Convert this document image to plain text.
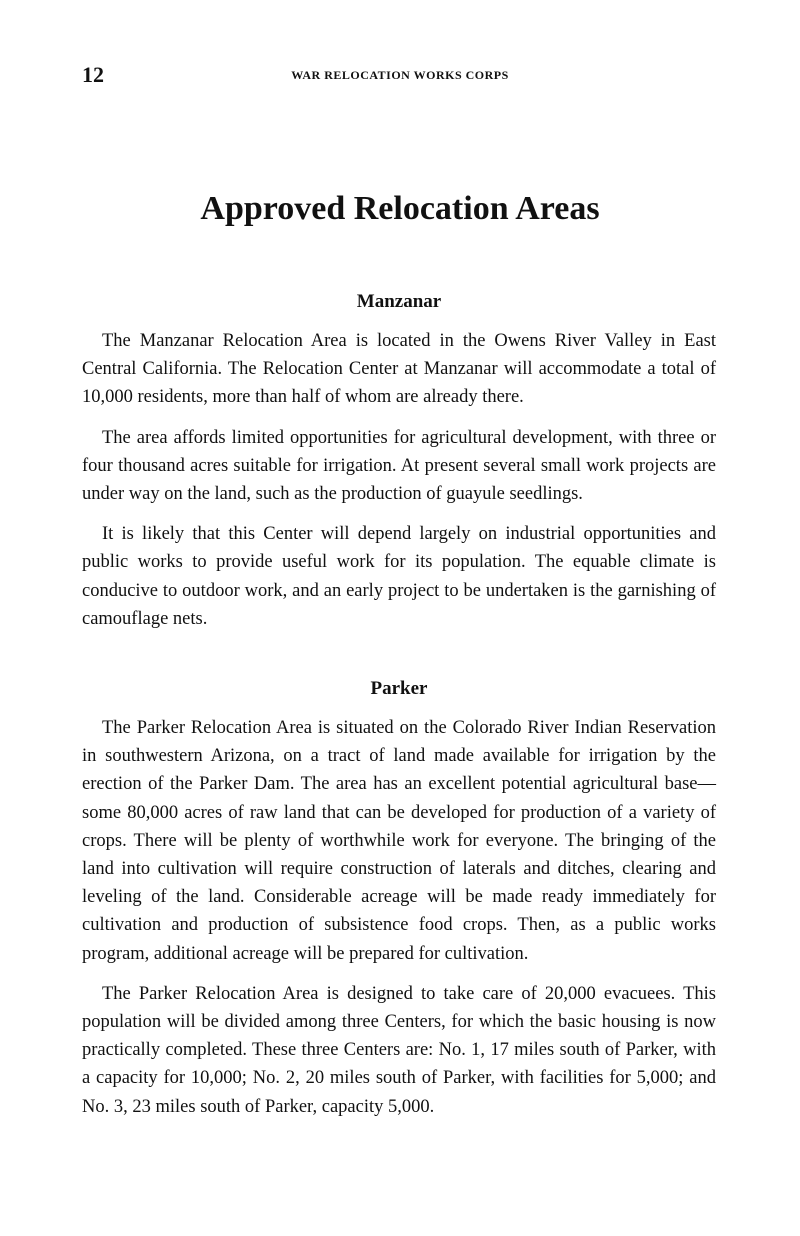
12	WAR RELOCATION WORKS CORPS
Approved Relocation Areas
Manzanar

The Manzanar Relocation Area is located in the Owens River Valley in East Central California. The Relocation Center at Manzanar will accommodate a total of 10,000 residents, more than half of whom are already there.

The area affords limited opportunities for agricultural development, with three or four thousand acres suitable for irrigation. At present several small work projects are under way on the land, such as the production of guayule seedlings.

It is likely that this Center will depend largely on industrial opportunities and public works to provide useful work for its population. The equable climate is conducive to outdoor work, and an early project to be undertaken is the garnishing of camouflage nets.

Parker

The Parker Relocation Area is situated on the Colorado River Indian Reservation in southwestern Arizona, on a tract of land made available for irrigation by the erection of the Parker Dam. The area has an excellent potential agricultural base—some 80,000 acres of raw land that can be developed for production of a variety of crops. There will be plenty of worthwhile work for everyone. The bringing of the land into cultivation will require construction of laterals and ditches, clearing and leveling of the land. Considerable acreage will be made ready immediately for cultivation and production of subsistence food crops. Then, as a public works program, additional acreage will be prepared for cultivation.

The Parker Relocation Area is designed to take care of 20,000 evacuees. This population will be divided among three Centers, for which the basic housing is now practically completed. These three Centers are: No. 1, 17 miles south of Parker, with a capacity for 10,000; No. 2, 20 miles south of Parker, with facilities for 5,000; and No. 3, 23 miles south of Parker, capacity 5,000.
